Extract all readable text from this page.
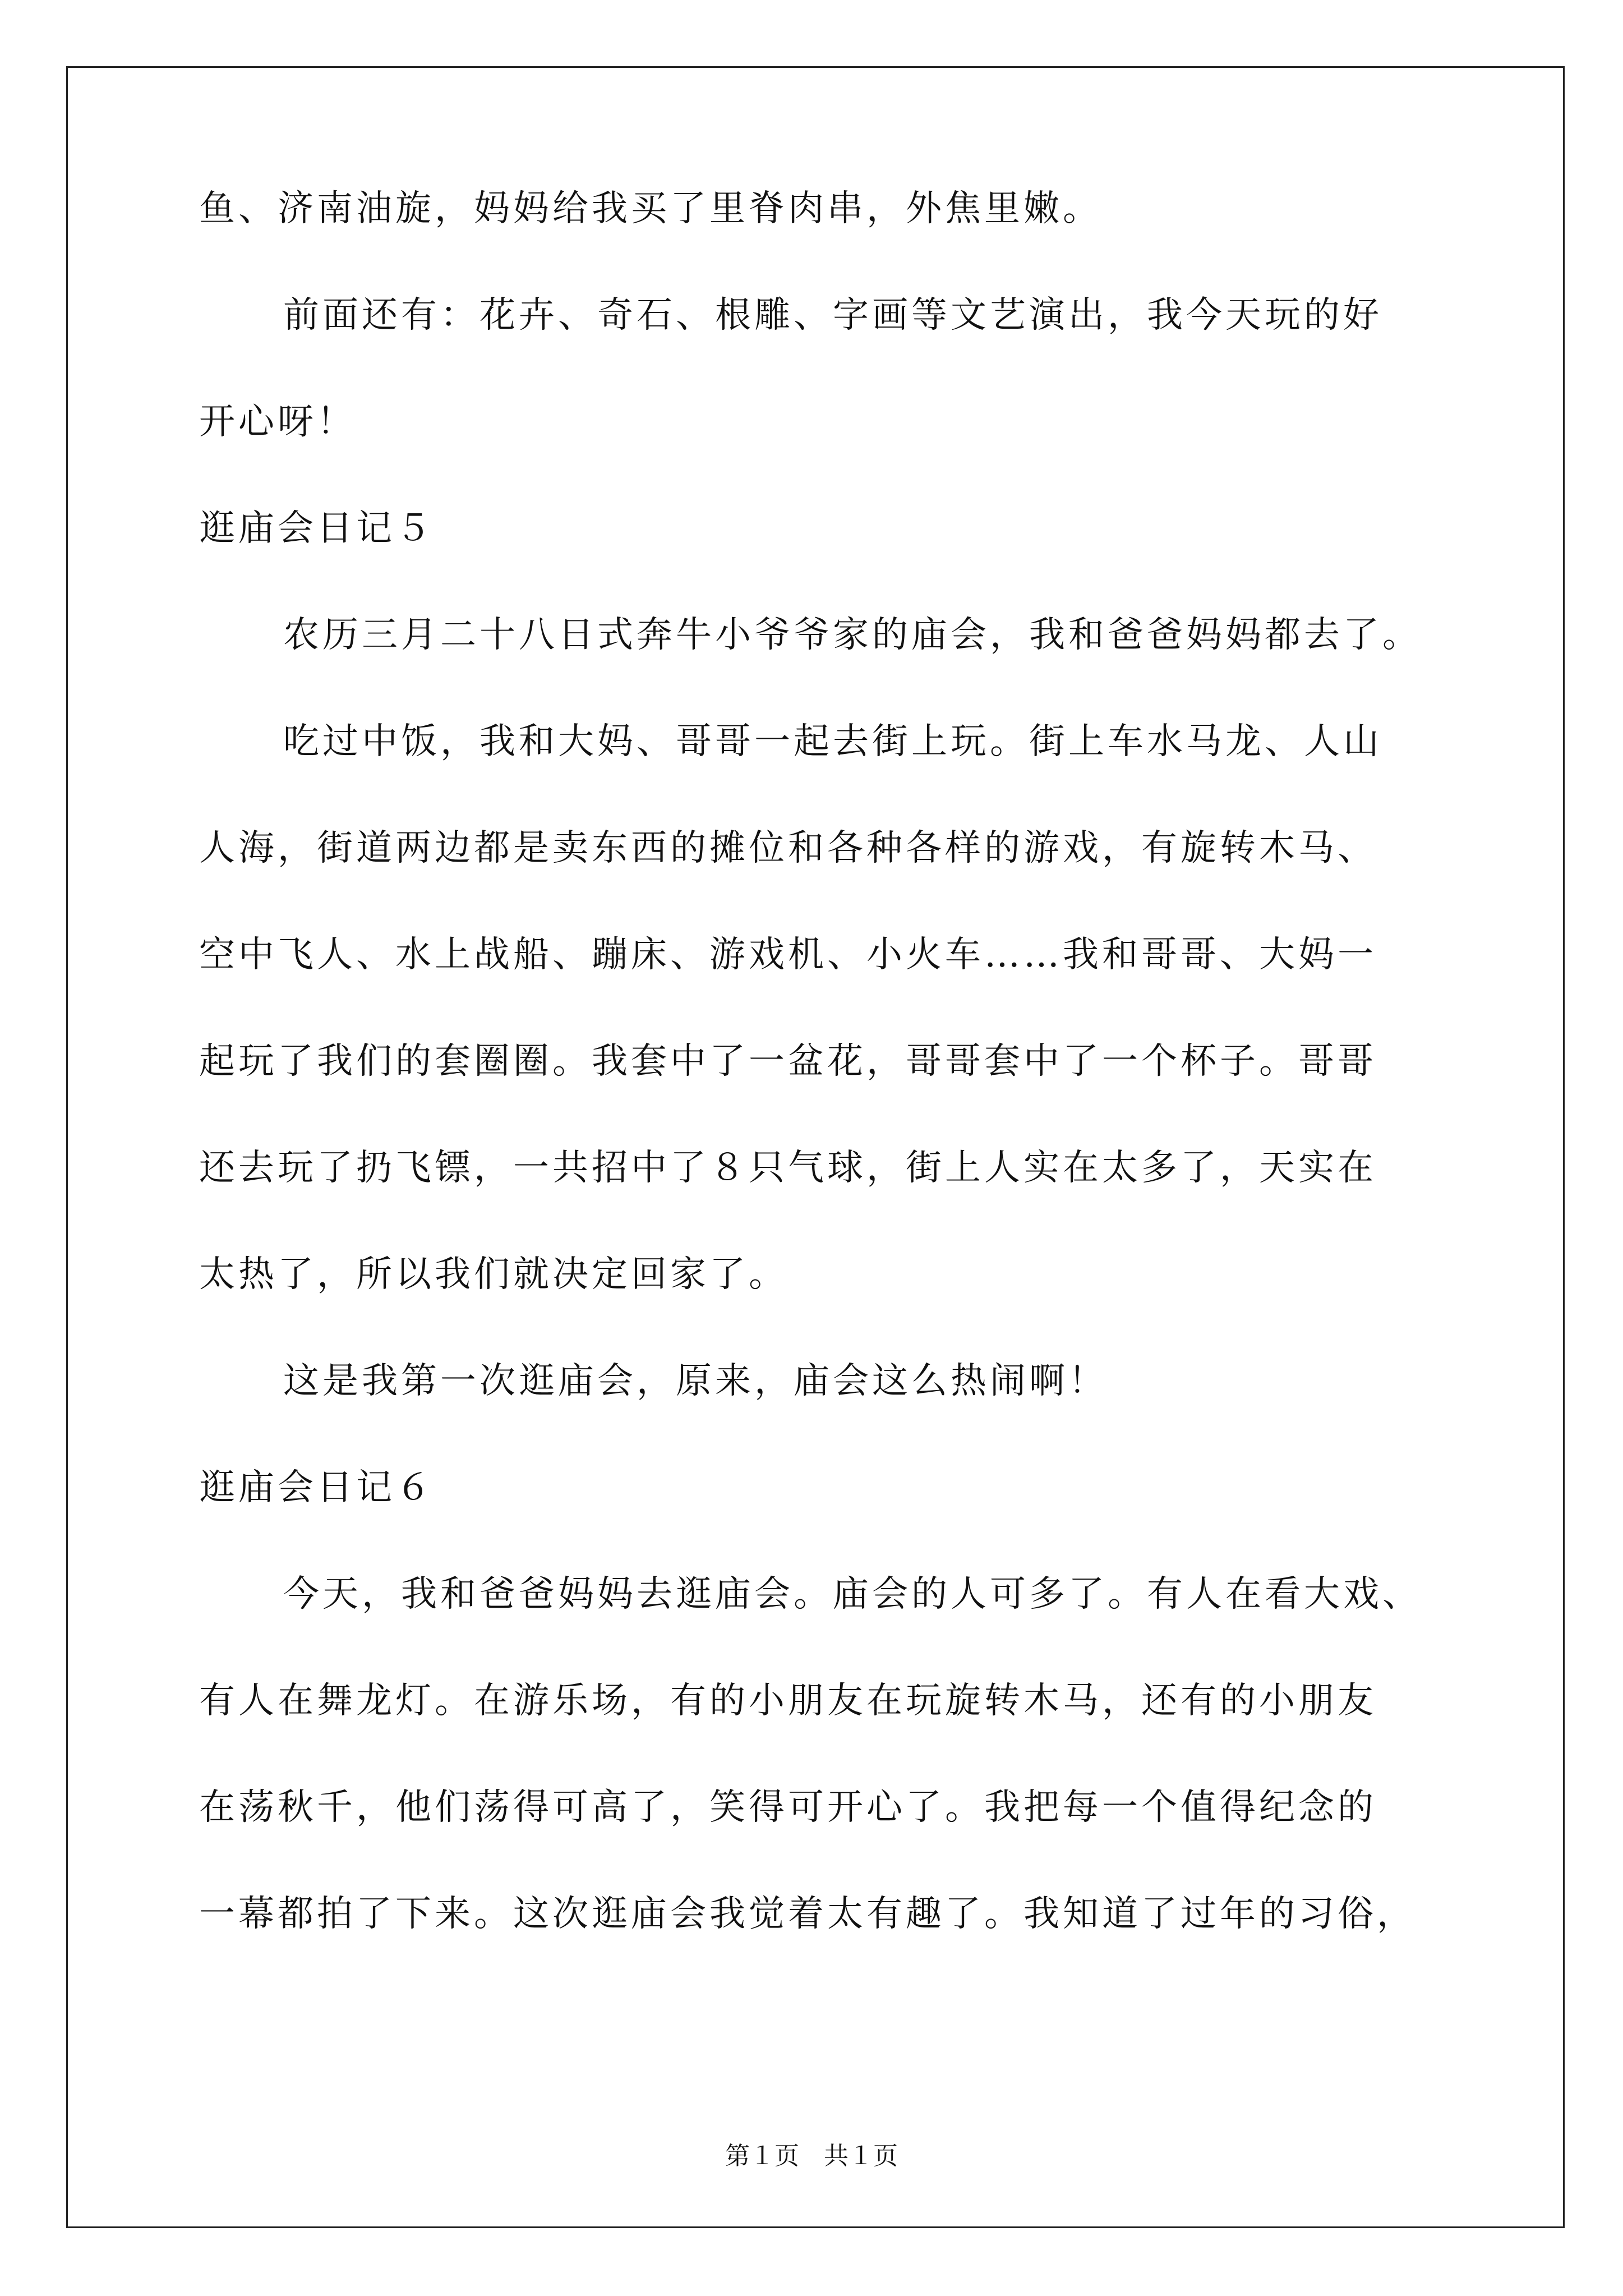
鱼、济南油旋，妈妈给我买了里脊肉串，外焦里嫩。
前面还有：花卉、奇石、根雕、字画等文艺演出，我今天玩的好
开心呀！
逛庙会日记５
农历三月二十八日式奔牛小爷爷家的庙会，我和爸爸妈妈都去了。
吃过中饭，我和大妈、哥哥一起去街上玩。街上车水马龙、人山
人海，街道两边都是卖东西的摊位和各种各样的游戏，有旋转木马、
空中飞人、水上战船、蹦床、游戏机、小火车……我和哥哥、大妈一
起玩了我们的套圈圈。我套中了一盆花，哥哥套中了一个杯子。哥哥
还去玩了扔飞镖，一共招中了８只气球，街上人实在太多了，天实在
太热了，所以我们就决定回家了。
这是我第一次逛庙会，原来，庙会这么热闹啊！
逛庙会日记６
今天，我和爸爸妈妈去逛庙会。庙会的人可多了。有人在看大戏、
有人在舞龙灯。在游乐场，有的小朋友在玩旋转木马，还有的小朋友
在荡秋千，他们荡得可高了，笑得可开心了。我把每一个值得纪念的
一幕都拍了下来。这次逛庙会我觉着太有趣了。我知道了过年的习俗，
第１页　共１页
